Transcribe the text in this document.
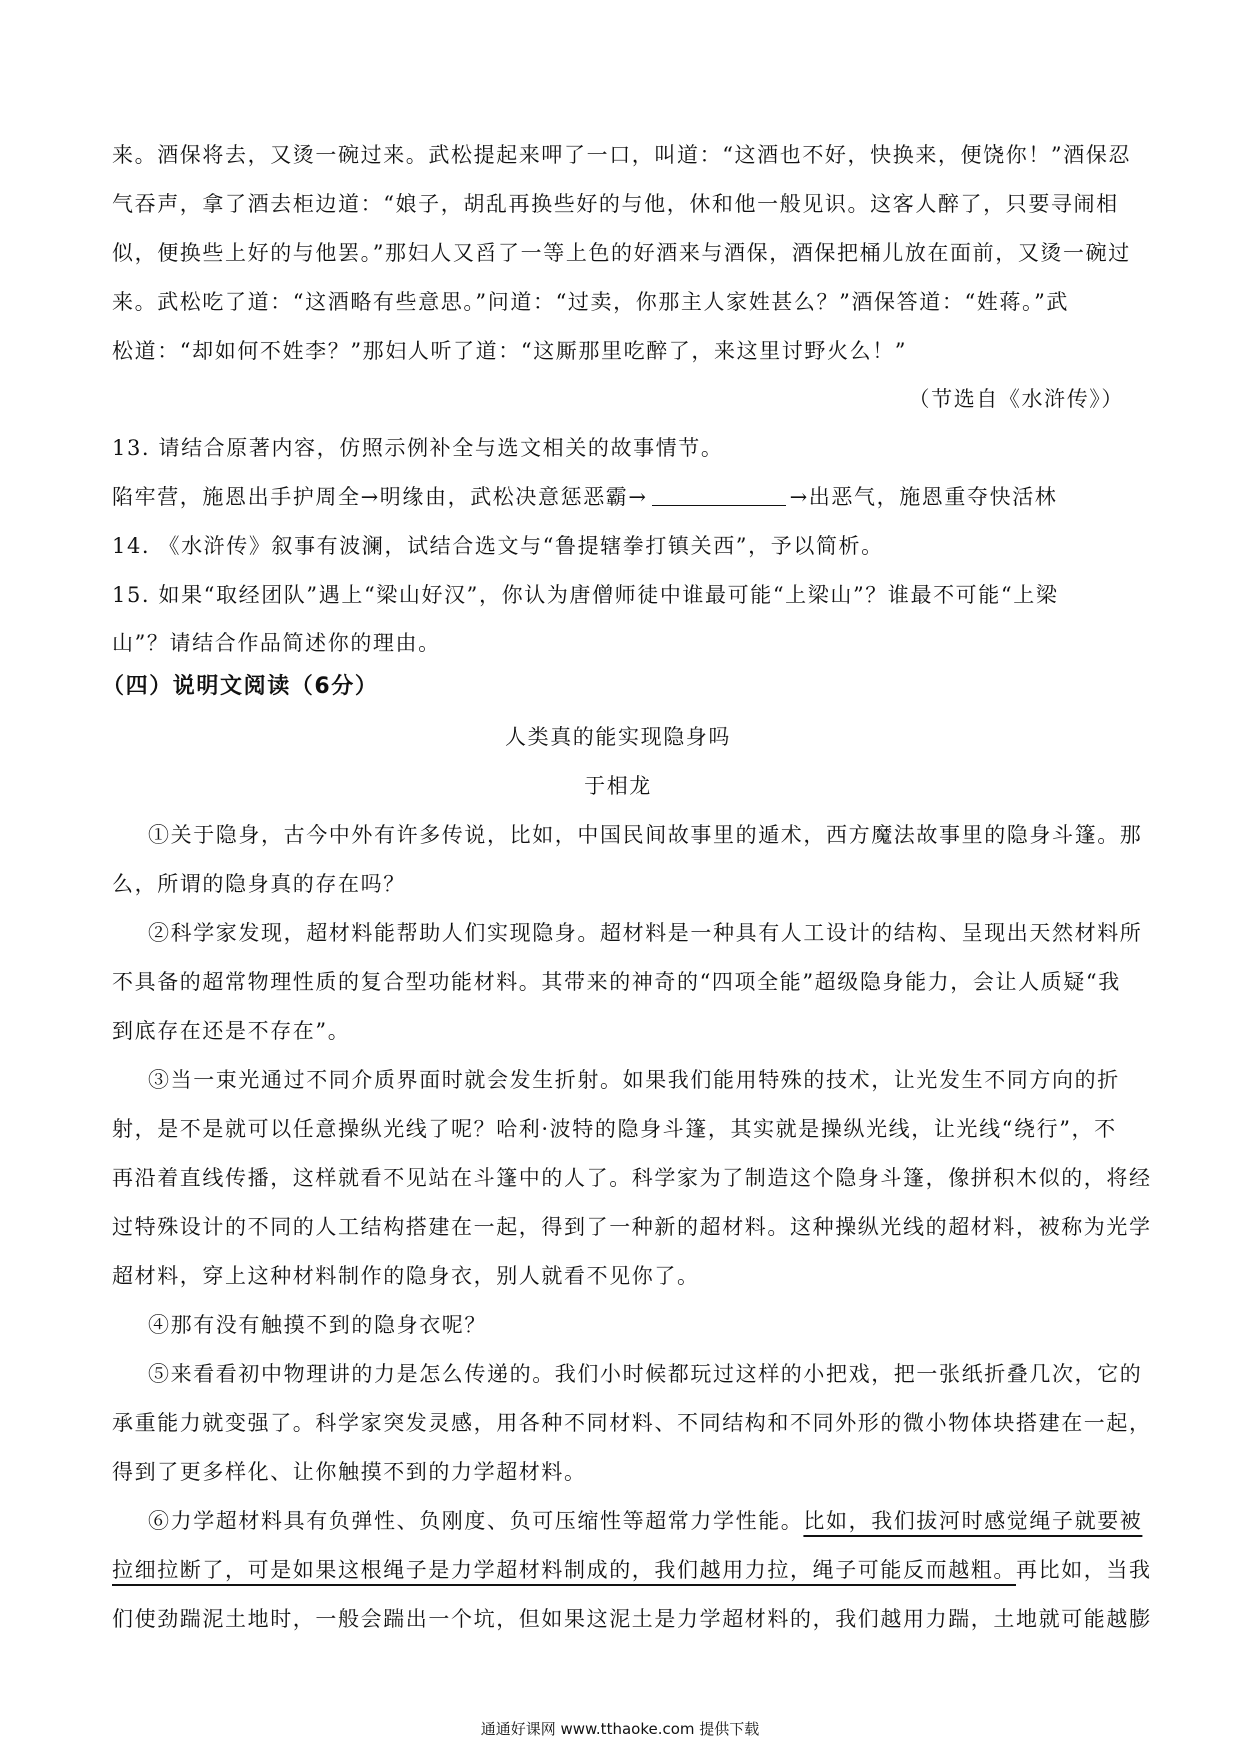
来。酒保将去，又烫一碗过来。武松提起来呷了一口，叫道：“这酒也不好，快换来，便饶你！”酒保忍
气吞声，拿了酒去柜边道：“娘子，胡乱再换些好的与他，休和他一般见识。这客人醉了，只要寻闹相
似，便换些上好的与他罢。”那妇人又舀了一等上色的好酒来与酒保，酒保把桶儿放在面前，又烫一碗过
来。武松吃了道：“这酒略有些意思。”问道：“过卖，你那主人家姓甚么？”酒保答道：“姓蒋。”武
松道：“却如何不姓李？”那妇人听了道：“这厮那里吃醉了，来这里讨野火么！”
（节选自《水浒传》）
13. 请结合原著内容，仿照示例补全与选文相关的故事情节。
陷牢营，施恩出手护周全→明缘由，武松决意惩恶霸→	→出恶气，施恩重夺快活林
14. 《水浒传》叙事有波澜，试结合选文与“鲁提辖拳打镇关西”，予以简析。
15. 如果“取经团队”遇上“梁山好汉”，你认为唐僧师徒中谁最可能“上梁山”？谁最不可能“上梁
山”？请结合作品简述你的理由。
（四）说明文阅读（6分）
人类真的能实现隐身吗
于相龙
①关于隐身，古今中外有许多传说，比如，中国民间故事里的遁术，西方魔法故事里的隐身斗篷。那
么，所谓的隐身真的存在吗？
②科学家发现，超材料能帮助人们实现隐身。超材料是一种具有人工设计的结构、呈现出天然材料所
不具备的超常物理性质的复合型功能材料。其带来的神奇的“四项全能”超级隐身能力，会让人质疑“我
到底存在还是不存在”。
③当一束光通过不同介质界面时就会发生折射。如果我们能用特殊的技术，让光发生不同方向的折
射，是不是就可以任意操纵光线了呢？哈利·波特的隐身斗篷，其实就是操纵光线，让光线“绕行”，不
再沿着直线传播，这样就看不见站在斗篷中的人了。科学家为了制造这个隐身斗篷，像拼积木似的，将经
过特殊设计的不同的人工结构搭建在一起，得到了一种新的超材料。这种操纵光线的超材料，被称为光学
超材料，穿上这种材料制作的隐身衣，别人就看不见你了。
④那有没有触摸不到的隐身衣呢？
⑤来看看初中物理讲的力是怎么传递的。我们小时候都玩过这样的小把戏，把一张纸折叠几次，它的
承重能力就变强了。科学家突发灵感，用各种不同材料、不同结构和不同外形的微小物体块搭建在一起，
得到了更多样化、让你触摸不到的力学超材料。
⑥力学超材料具有负弹性、负刚度、负可压缩性等超常力学性能。比如，我们拔河时感觉绳子就要被
拉细拉断了，可是如果这根绳子是力学超材料制成的，我们越用力拉，绳子可能反而越粗。再比如，当我
们使劲踹泥土地时，一般会踹出一个坑，但如果这泥土是力学超材料的，我们越用力踹，土地就可能越膨
通通好课网 www.tthaoke.com 提供下载
